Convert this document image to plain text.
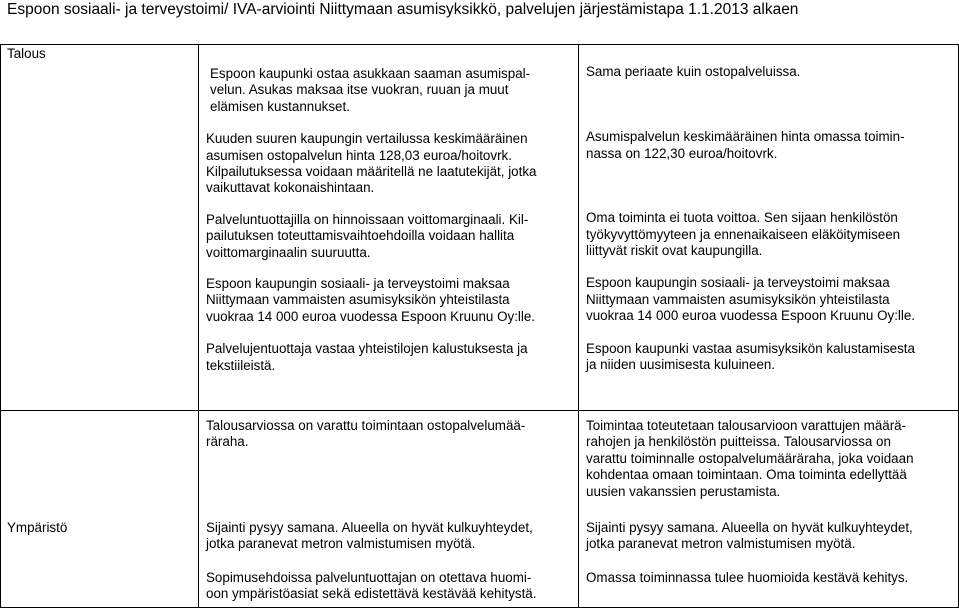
Espoon sosiaali- ja terveystoimi/ IVA-arviointi Niittymaan asumisyksikkö, palvelujen järjestämistapa 1.1.2013 alkaen
Talous

Espoon kaupunki ostaa asukkaan saaman asumispal-
velun. Asukas maksaa itse vuokran, ruuan ja muut
elämisen kustannukset.

Kuuden suuren kaupungin vertailussa keskimääräinen
asumisen ostopalvelun hinta 128,03 euroa/hoitovrk.
Kilpailutuksessa voidaan määritellä ne laatutekijät, jotka
vaikuttavat kokonaishintaan.

Palveluntuottajilla on hinnoissaan voittomarginaali. Kil-
pailutuksen toteuttamisvaihtoehdoilla voidaan hallita
voittomarginaalin suuruutta.

Espoon kaupungin sosiaali- ja terveystoimi maksaa
Niittymaan vammaisten asumisyksikön yhteistilasta
vuokraa 14 000 euroa vuodessa Espoon Kruunu Oy:lle.

Palvelujentuottaja vastaa yhteistilojen kalustuksesta ja
tekstiileistä.

Sama periaate kuin ostopalveluissa.

Asumispalvelun keskimääräinen hinta omassa toimin-
nassa on 122,30 euroa/hoitovrk.

Oma toiminta ei tuota voittoa. Sen sijaan henkilöstön
työkyvyttömyyteen ja ennenaikaiseen eläköitymiseen
liittyvät riskit ovat kaupungilla.

Espoon kaupungin sosiaali- ja terveystoimi maksaa
Niittymaan vammaisten asumisyksikön yhteistilasta
vuokraa 14 000 euroa vuodessa Espoon Kruunu Oy:lle.

Espoon kaupunki vastaa asumisyksikön kalustamisesta
ja niiden uusimisesta kuluineen.

Talousarviossa on varattu toimintaan ostopalvelumää-
räraha.

Toimintaa toteutetaan talousarvioon varattujen määrä-
rahojen ja henkilöstön puitteissa. Talousarviossa on
varattu toiminnalle ostopalvelumääräraha, joka voidaan
kohdentaa omaan toimintaan. Oma toiminta edellyttää
uusien vakanssien perustamista.

Ympäristö	Sijainti pysyy samana. Alueella on hyvät kulkuyhteydet,
jotka paranevat metron valmistumisen myötä.

Sopimusehdoissa palveluntuottajan on otettava huomi-
oon ympäristöasiat sekä edistettävä kestävää kehitystä.

Sijainti pysyy samana. Alueella on hyvät kulkuyhteydet,
jotka paranevat metron valmistumisen myötä.

Omassa toiminnassa tulee huomioida kestävä kehitys.
